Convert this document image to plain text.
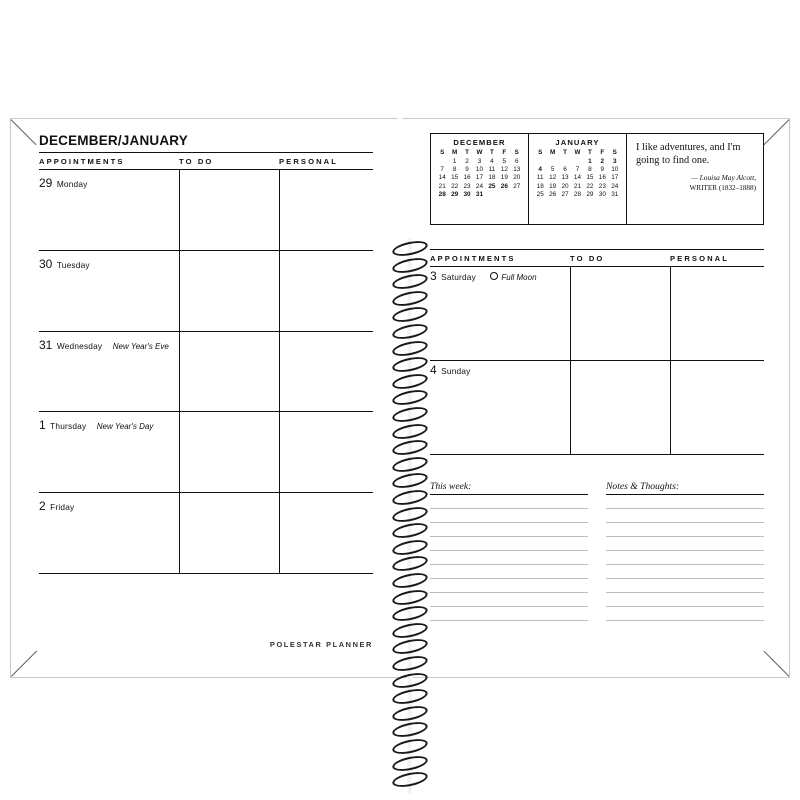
DECEMBER/JANUARY
APPOINTMENTS	TO DO	PERSONAL
29 Monday
30 Tuesday
31 Wednesday New Year's Eve
1 Thursday New Year's Day
2 Friday
POLESTAR PLANNER
DECEMBER
S	M	T	W	T	F	S
	1	2	3	4	5	6
7	8	9	10	11	12	13
14	15	16	17	18	19	20
21	22	23	24	25	26	27
28	29	30	31			
JANUARY
S	M	T	W	T	F	S
				1	2	3
4	5	6	7	8	9	10
11	12	13	14	15	16	17
18	19	20	21	22	23	24
25	26	27	28	29	30	31
I like adventures, and I'm going to find one.
— Louisa May Alcott,
WRITER (1832–1888)
APPOINTMENTS	TO DO	PERSONAL
3 Saturday	Full Moon
4 Sunday
This week:	Notes & Thoughts:
